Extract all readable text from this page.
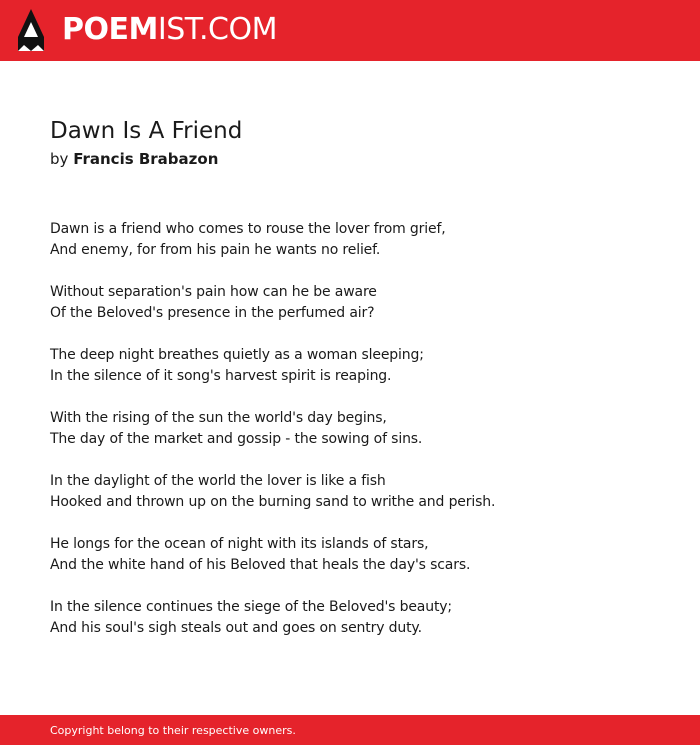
POEMIST.COM
Dawn Is A Friend
by Francis Brabazon

Dawn is a friend who comes to rouse the lover from grief,
And enemy, for from his pain he wants no relief.

Without separation's pain how can he be aware
Of the Beloved's presence in the perfumed air?

The deep night breathes quietly as a woman sleeping;
In the silence of it song's harvest spirit is reaping.

With the rising of the sun the world's day begins,
The day of the market and gossip - the sowing of sins.

In the daylight of the world the lover is like a fish
Hooked and thrown up on the burning sand to writhe and perish.

He longs for the ocean of night with its islands of stars,
And the white hand of his Beloved that heals the day's scars.

In the silence continues the siege of the Beloved's beauty;
And his soul's sigh steals out and goes on sentry duty.

Copyright belong to their respective owners.
